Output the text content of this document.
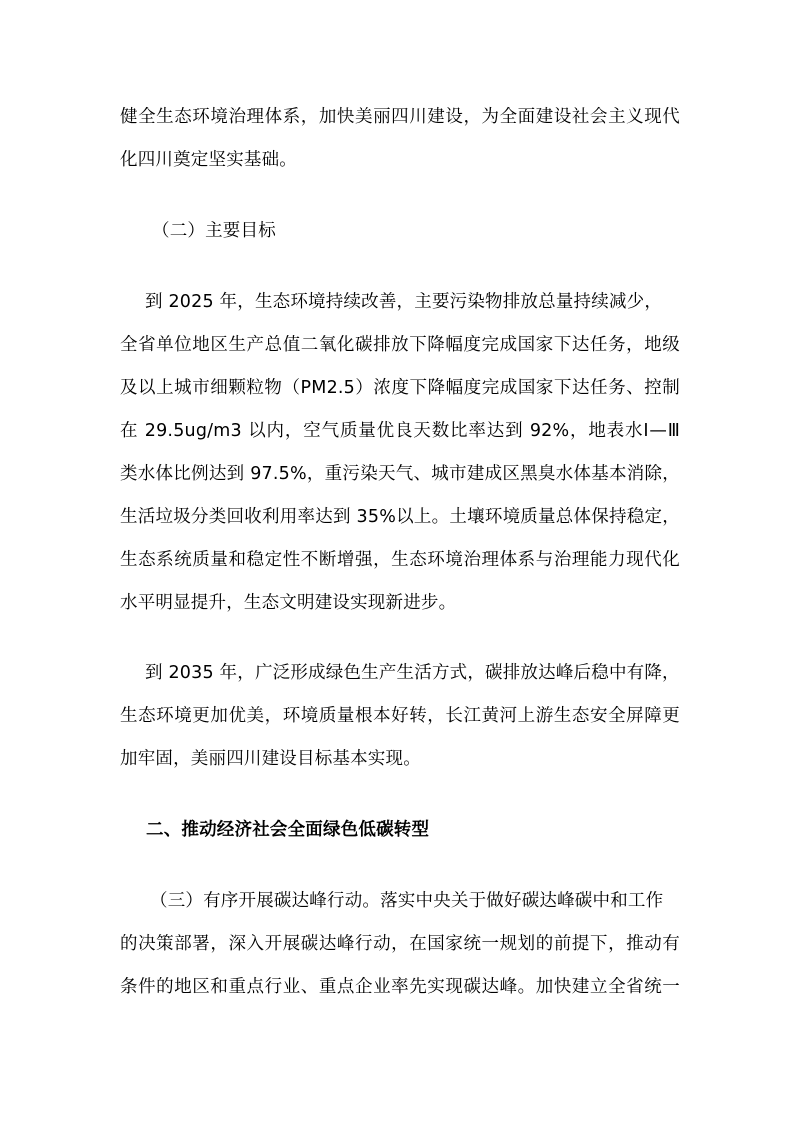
健全生态环境治理体系，加快美丽四川建设，为全面建设社会主义现代
化四川奠定坚实基础。
（二）主要目标
到 2025 年，生态环境持续改善，主要污染物排放总量持续减少，
全省单位地区生产总值二氧化碳排放下降幅度完成国家下达任务，地级
及以上城市细颗粒物（PM2.5）浓度下降幅度完成国家下达任务、控制
在 29.5ug/m3 以内，空气质量优良天数比率达到 92%，地表水Ⅰ—Ⅲ
类水体比例达到 97.5%，重污染天气、城市建成区黑臭水体基本消除，
生活垃圾分类回收利用率达到 35%以上。土壤环境质量总体保持稳定，
生态系统质量和稳定性不断增强，生态环境治理体系与治理能力现代化
水平明显提升，生态文明建设实现新进步。
到 2035 年，广泛形成绿色生产生活方式，碳排放达峰后稳中有降，
生态环境更加优美，环境质量根本好转，长江黄河上游生态安全屏障更
加牢固，美丽四川建设目标基本实现。
二、推动经济社会全面绿色低碳转型
（三）有序开展碳达峰行动。落实中央关于做好碳达峰碳中和工作
的决策部署，深入开展碳达峰行动，在国家统一规划的前提下，推动有
条件的地区和重点行业、重点企业率先实现碳达峰。加快建立全省统一
